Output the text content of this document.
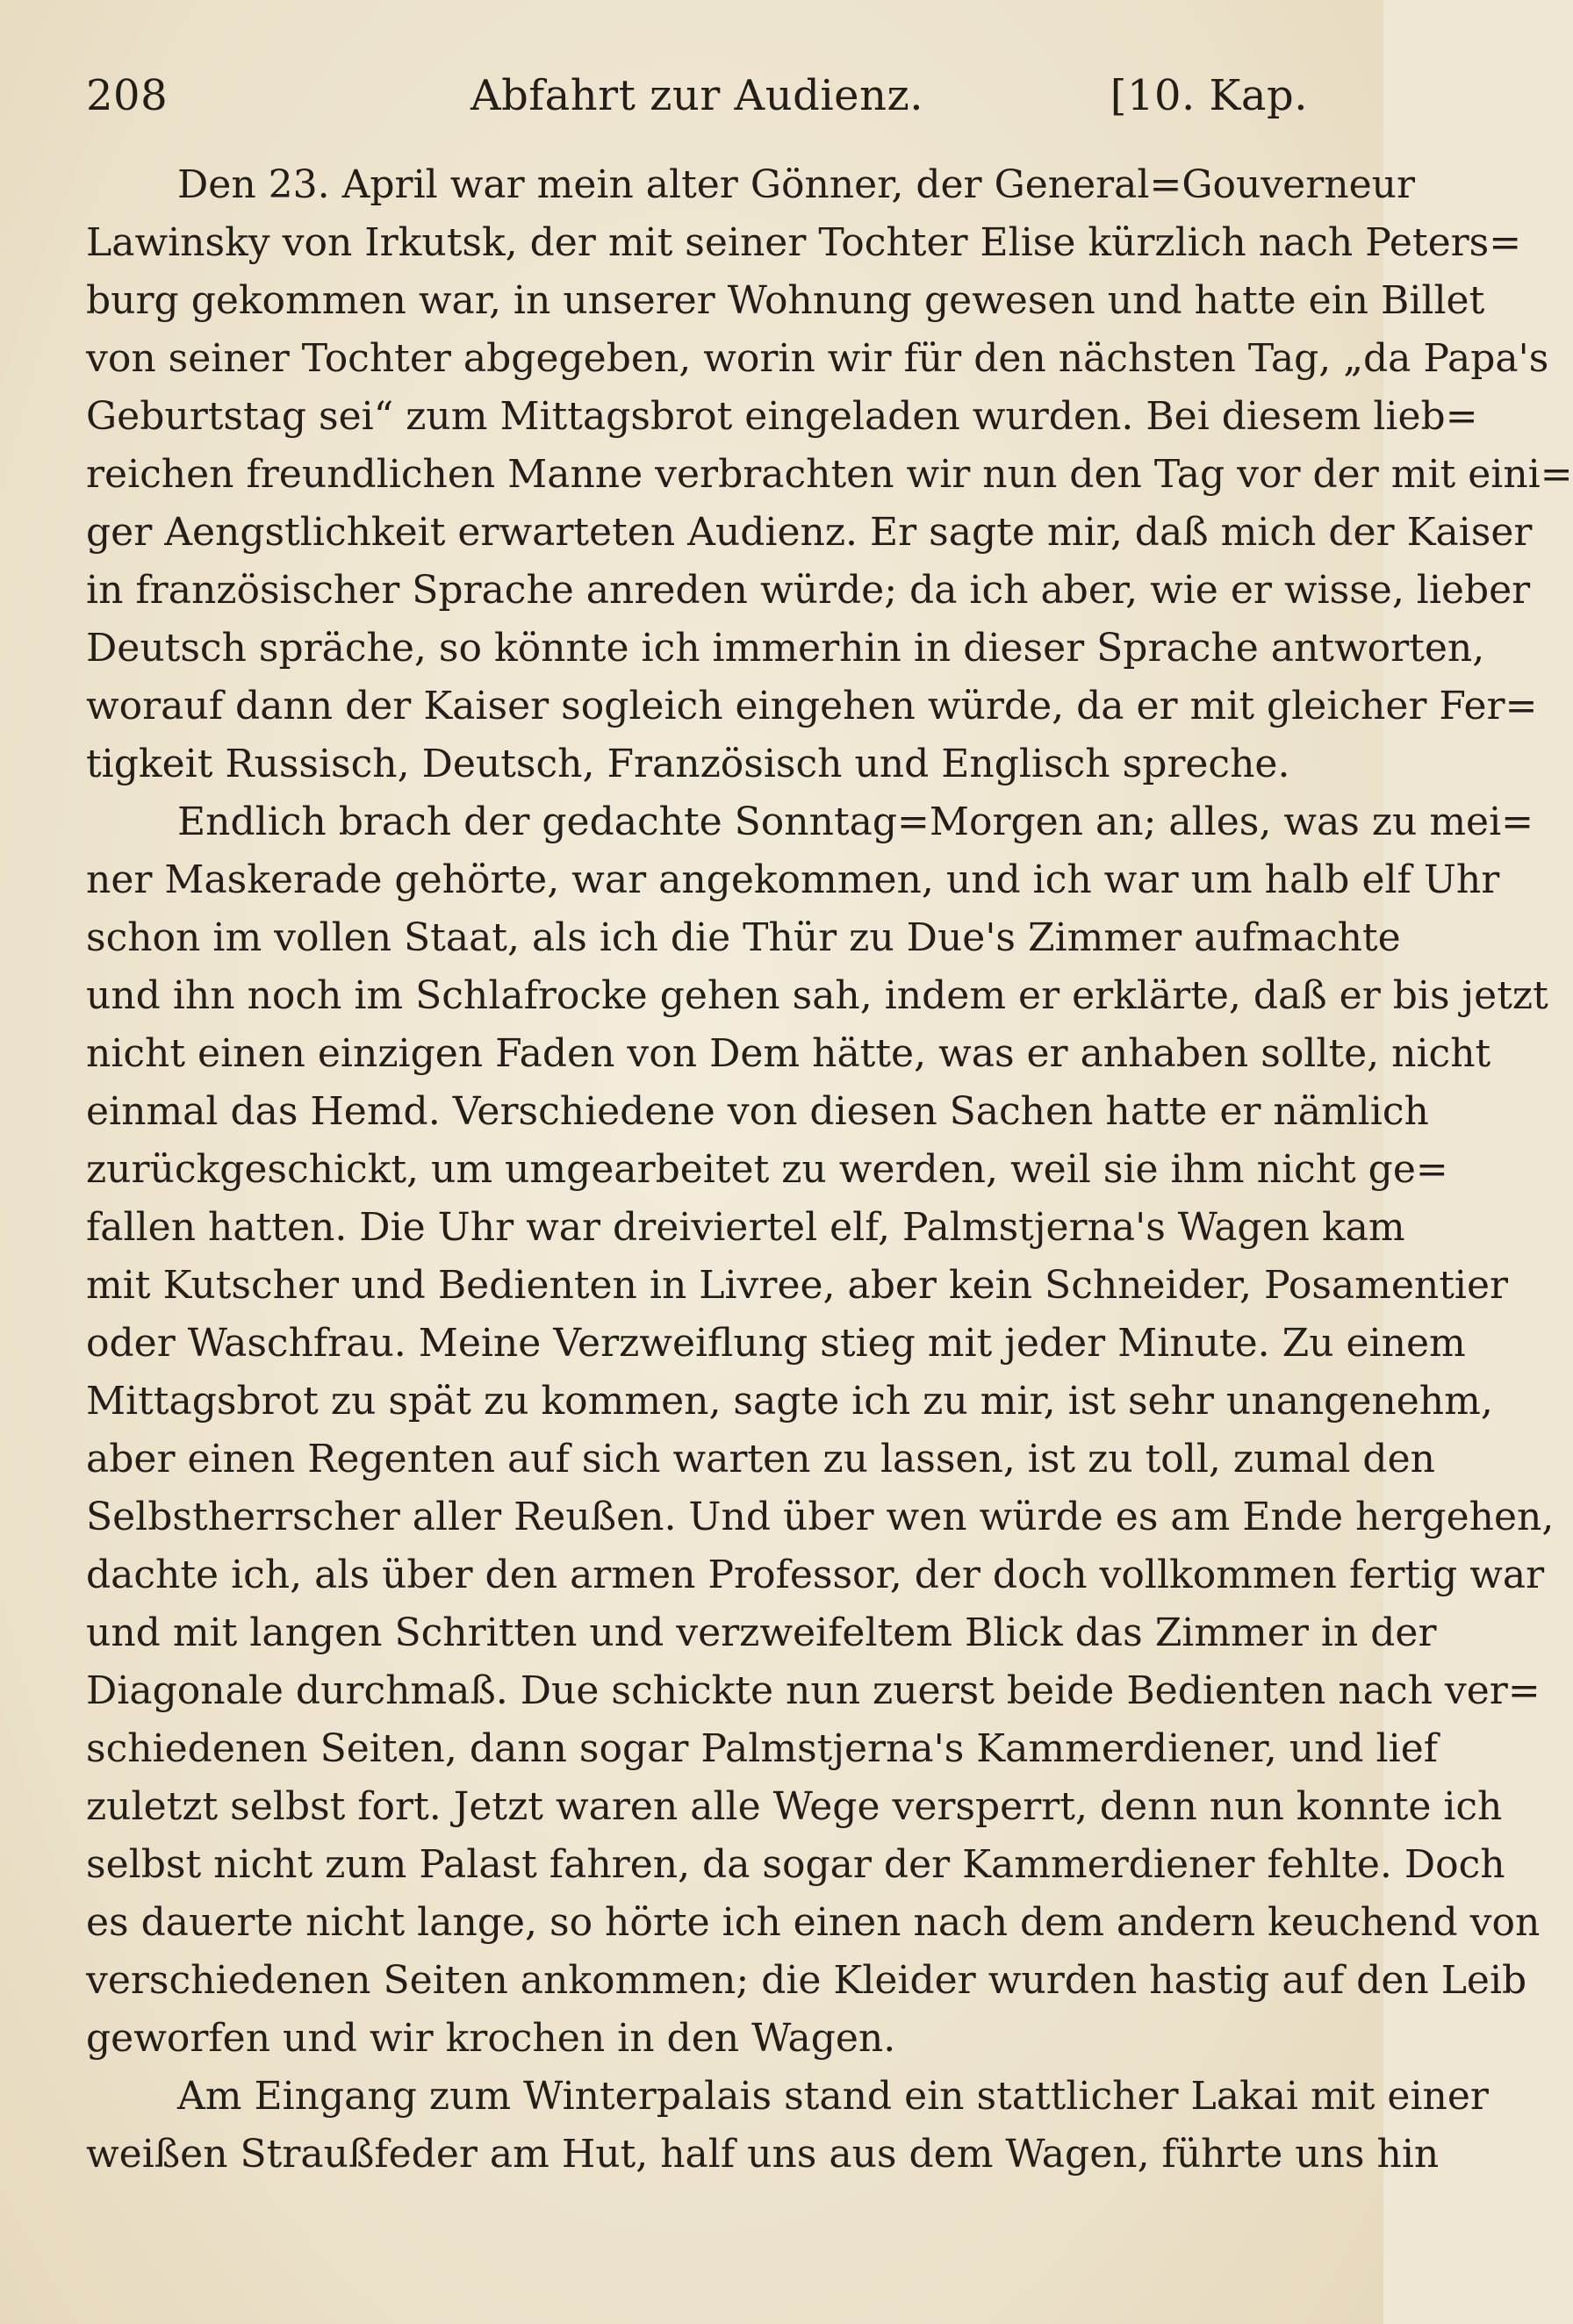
208	Abfahrt zur Audienz.	[10. Kap.
Den 23. April war mein alter Gönner, der General=Gouverneur
Lawinsky von Irkutsk, der mit seiner Tochter Elise kürzlich nach Peters=
burg gekommen war, in unserer Wohnung gewesen und hatte ein Billet
von seiner Tochter abgegeben, worin wir für den nächsten Tag, „da Papa's
Geburtstag sei“ zum Mittagsbrot eingeladen wurden. Bei diesem lieb=
reichen freundlichen Manne verbrachten wir nun den Tag vor der mit eini=
ger Aengstlichkeit erwarteten Audienz. Er sagte mir, daß mich der Kaiser
in französischer Sprache anreden würde; da ich aber, wie er wisse, lieber
Deutsch spräche, so könnte ich immerhin in dieser Sprache antworten,
worauf dann der Kaiser sogleich eingehen würde, da er mit gleicher Fer=
tigkeit Russisch, Deutsch, Französisch und Englisch spreche.
Endlich brach der gedachte Sonntag=Morgen an; alles, was zu mei=
ner Maskerade gehörte, war angekommen, und ich war um halb elf Uhr
schon im vollen Staat, als ich die Thür zu Due's Zimmer aufmachte
und ihn noch im Schlafrocke gehen sah, indem er erklärte, daß er bis jetzt
nicht einen einzigen Faden von Dem hätte, was er anhaben sollte, nicht
einmal das Hemd. Verschiedene von diesen Sachen hatte er nämlich
zurückgeschickt, um umgearbeitet zu werden, weil sie ihm nicht ge=
fallen hatten. Die Uhr war dreiviertel elf, Palmstjerna's Wagen kam
mit Kutscher und Bedienten in Livree, aber kein Schneider, Posamentier
oder Waschfrau. Meine Verzweiflung stieg mit jeder Minute. Zu einem
Mittagsbrot zu spät zu kommen, sagte ich zu mir, ist sehr unangenehm,
aber einen Regenten auf sich warten zu lassen, ist zu toll, zumal den
Selbstherrscher aller Reußen. Und über wen würde es am Ende hergehen,
dachte ich, als über den armen Professor, der doch vollkommen fertig war
und mit langen Schritten und verzweifeltem Blick das Zimmer in der
Diagonale durchmaß. Due schickte nun zuerst beide Bedienten nach ver=
schiedenen Seiten, dann sogar Palmstjerna's Kammerdiener, und lief
zuletzt selbst fort. Jetzt waren alle Wege versperrt, denn nun konnte ich
selbst nicht zum Palast fahren, da sogar der Kammerdiener fehlte. Doch
es dauerte nicht lange, so hörte ich einen nach dem andern keuchend von
verschiedenen Seiten ankommen; die Kleider wurden hastig auf den Leib
geworfen und wir krochen in den Wagen.
Am Eingang zum Winterpalais stand ein stattlicher Lakai mit einer
weißen Straußfeder am Hut, half uns aus dem Wagen, führte uns hin
